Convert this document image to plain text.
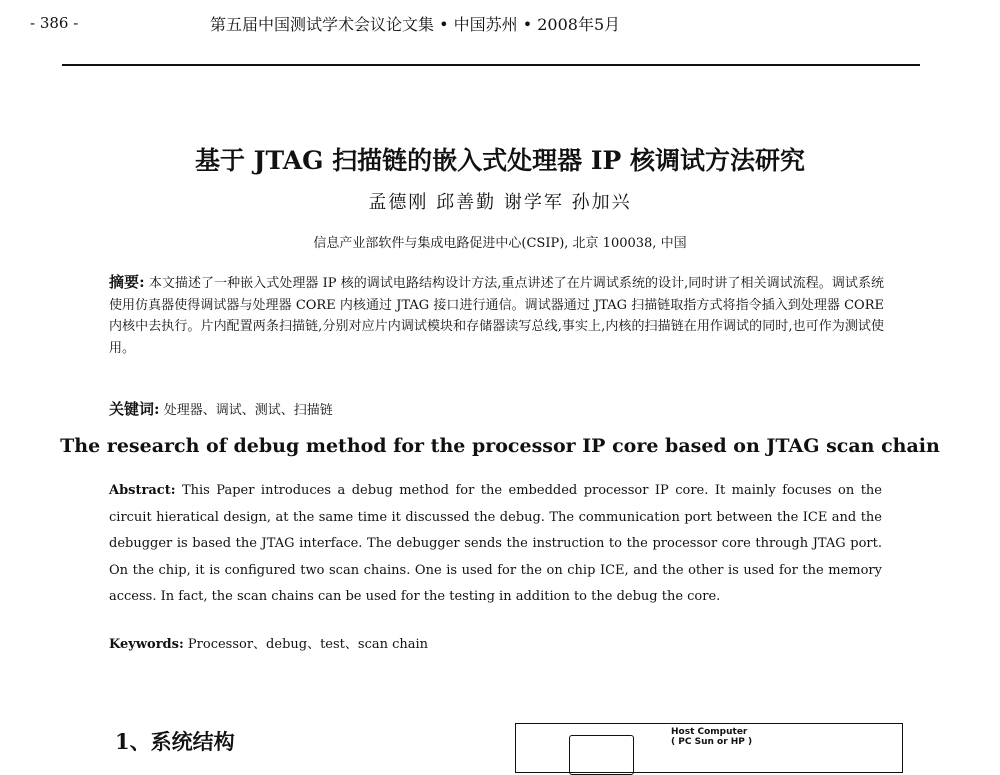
- 386 -	第五届中国测试学术会议论文集 • 中国苏州 • 2008年5月
基于 JTAG 扫描链的嵌入式处理器 IP 核调试方法研究
孟德刚 邱善勤 谢学军 孙加兴
信息产业部软件与集成电路促进中心(CSIP), 北京 100038, 中国
摘要: 本文描述了一种嵌入式处理器 IP 核的调试电路结构设计方法,重点讲述了在片调试系统的设计,同时讲了相关调试流程。调试系统使用仿真器使得调试器与处理器 CORE 内核通过 JTAG 接口进行通信。调试器通过 JTAG 扫描链取指方式将指令插入到处理器 CORE 内核中去执行。片内配置两条扫描链,分别对应片内调试模块和存储器读写总线,事实上,内核的扫描链在用作调试的同时,也可作为测试使用。
关键词: 处理器、调试、测试、扫描链
The research of debug method for the processor IP core based on JTAG scan chain
Abstract: This Paper introduces a debug method for the embedded processor IP core. It mainly focuses on the circuit hieratical design, at the same time it discussed the debug. The communication port between the ICE and the debugger is based the JTAG interface. The debugger sends the instruction to the processor core through JTAG port. On the chip, it is configured two scan chains. One is used for the on chip ICE, and the other is used for the memory access. In fact, the scan chains can be used for the testing in addition to the debug the core.
Keywords: Processor、debug、test、scan chain
1、系统结构	Host Computer
( PC Sun or HP )
